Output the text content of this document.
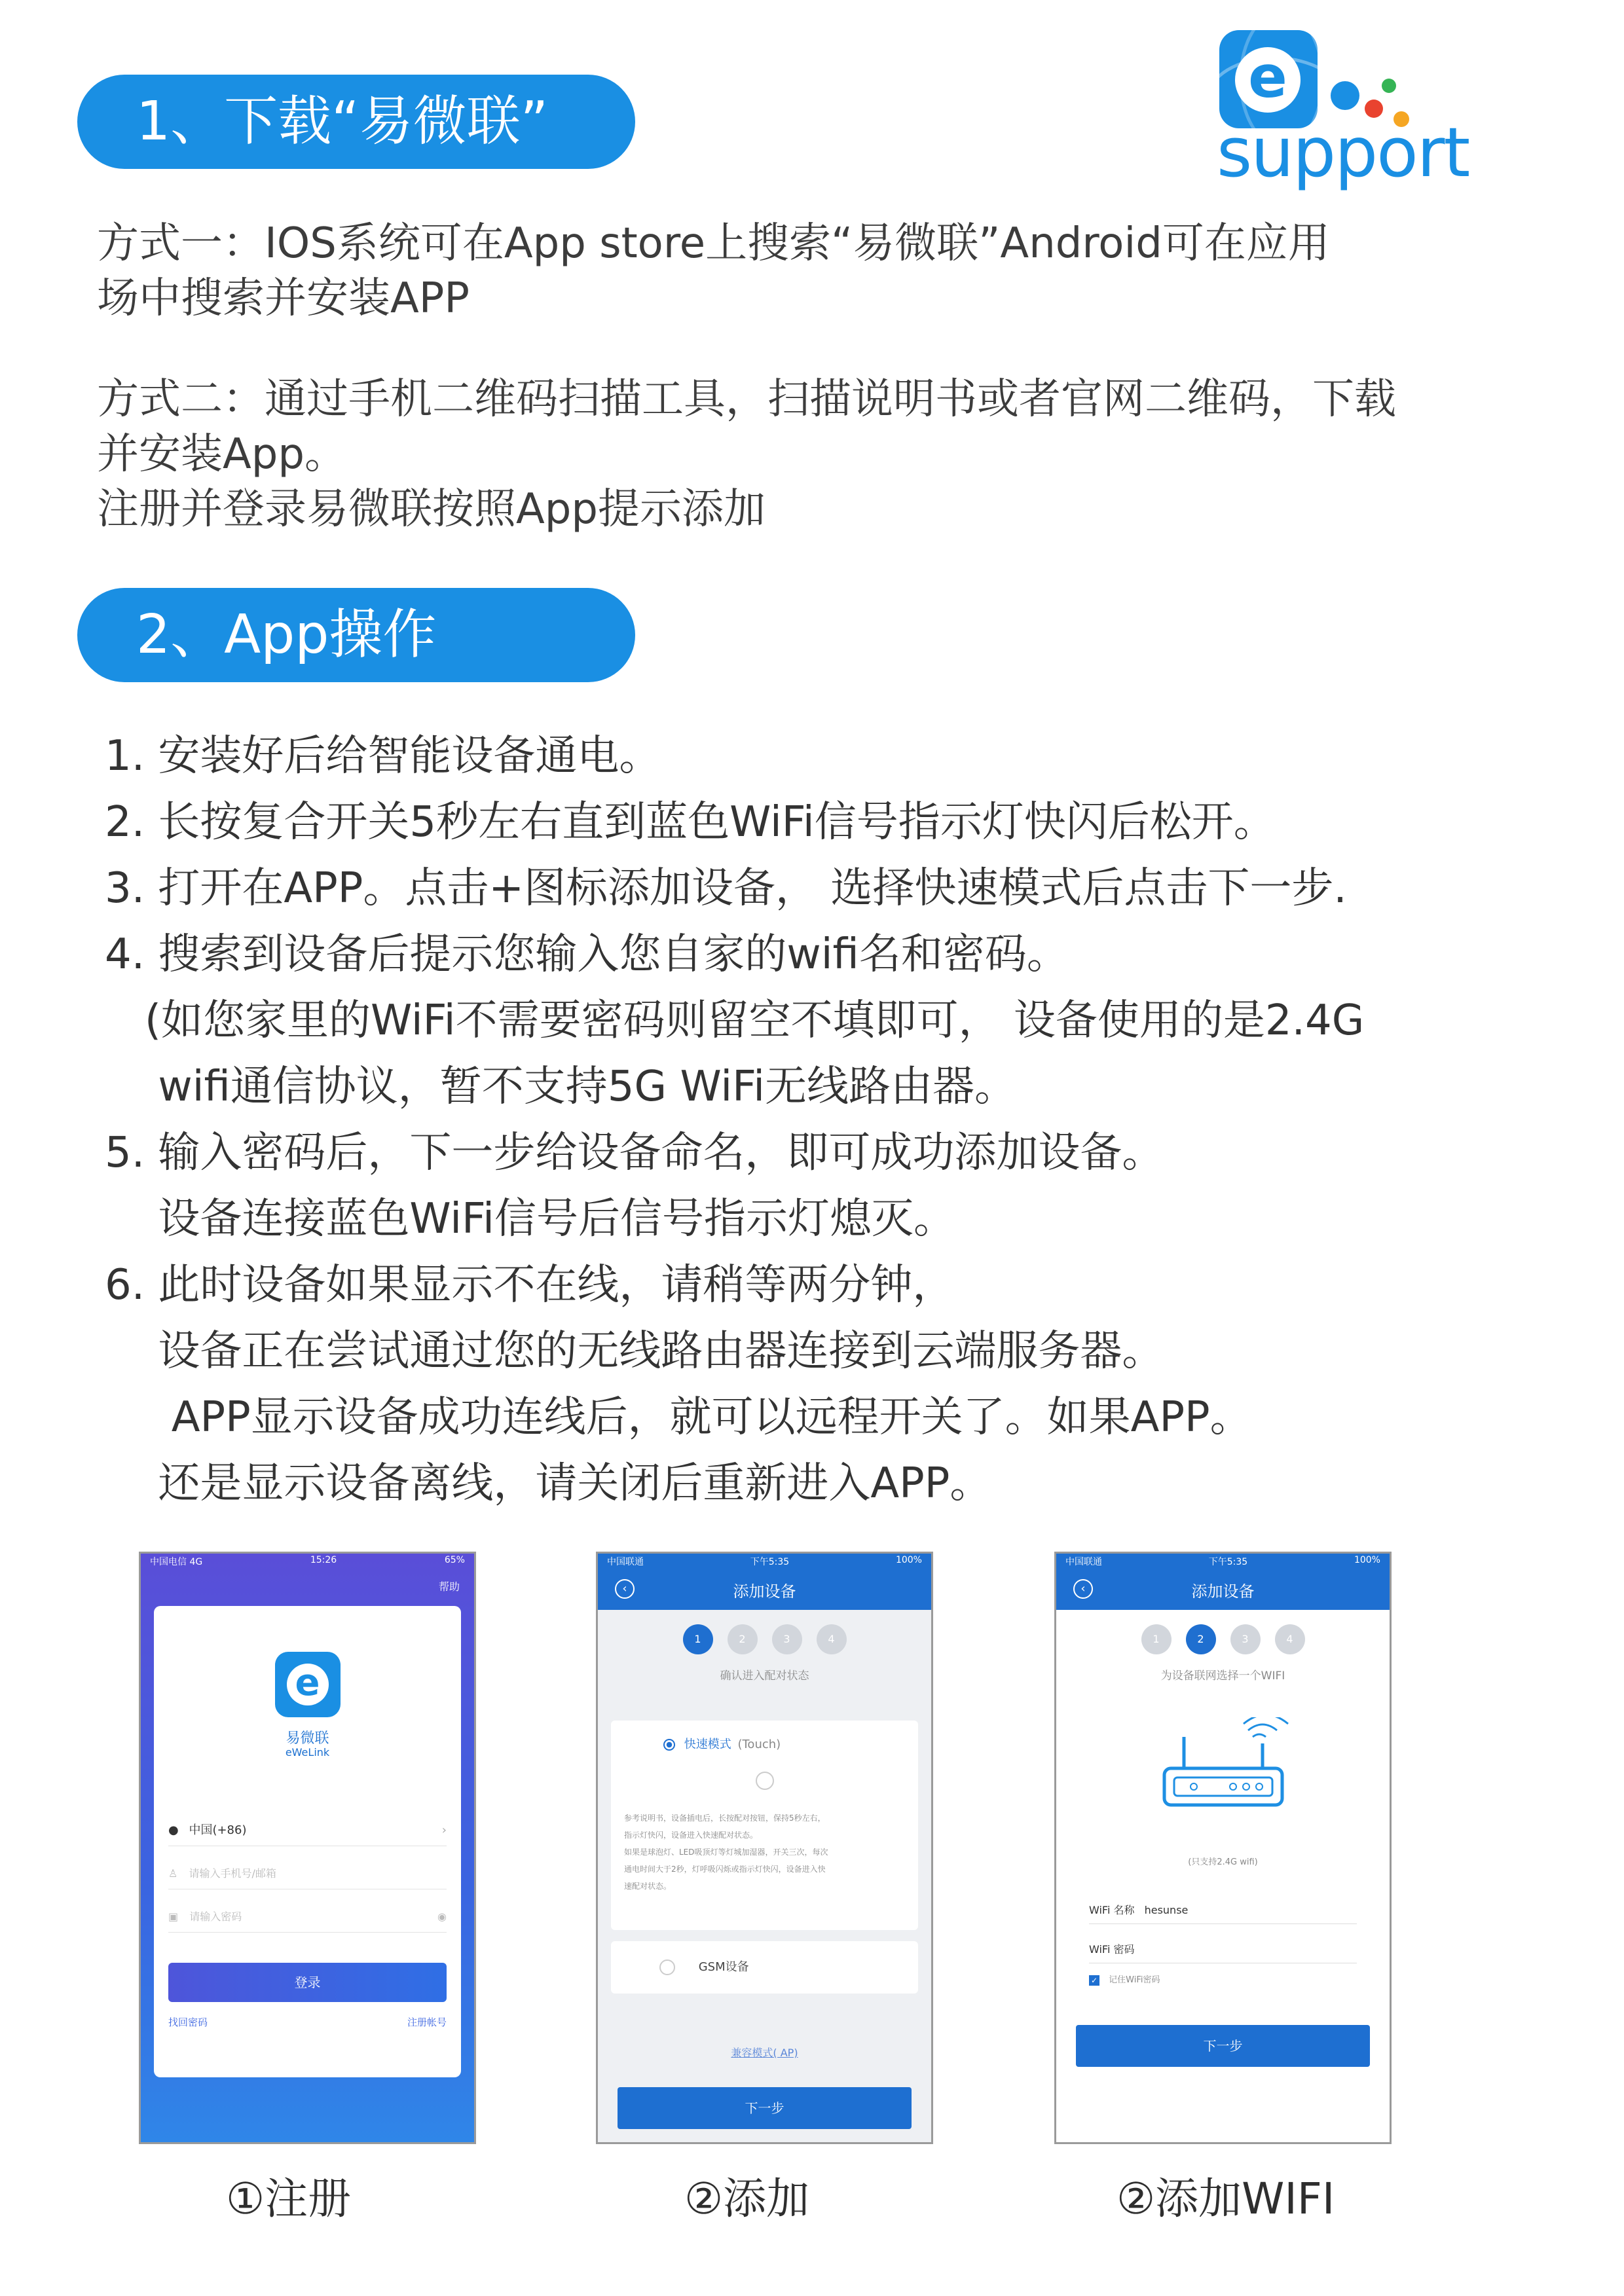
1、下载“易微联”
e
support
方式一：IOS系统可在App store上搜索“易微联”Android可在应用
场中搜索并安装APP
方式二：通过手机二维码扫描工具，扫描说明书或者官网二维码，下载
并安装App。
注册并登录易微联按照App提示添加
2、App操作
1. 安装好后给智能设备通电。
2. 长按复合开关5秒左右直到蓝色WiFi信号指示灯快闪后松开。
3. 打开在APP。点击+图标添加设备， 选择快速模式后点击下一步.
4. 搜索到设备后提示您输入您自家的wifi名和密码。
(如您家里的WiFi不需要密码则留空不填即可， 设备使用的是2.4G
wifi通信协议，暂不支持5G WiFi无线路由器。
5. 输入密码后，下一步给设备命名，即可成功添加设备。
设备连接蓝色WiFi信号后信号指示灯熄灭。
6. 此时设备如果显示不在线，请稍等两分钟，
设备正在尝试通过您的无线路由器连接到云端服务器。
APP显示设备成功连线后，就可以远程开关了。如果APP。
还是显示设备离线，请关闭后重新进入APP。
中国电信 4G	15:26	65%
帮助
e
易微联
eWeLink
● 中国(+86)	›
♙ 请输入手机号/邮箱
▣ 请输入密码	◉
登录
找回密码	注册帐号
中国联通	下午5:35	100%
‹	添加设备
1	2	3	4
确认进入配对状态
快速模式 (Touch)
参考说明书，设备插电后，长按配对按钮，保持5秒左右，
指示灯快闪，设备进入快速配对状态。
如果是球泡灯、LED吸顶灯等灯城加湿器，开关三次，每次
通电时间大于2秒，灯呼吸闪烁或指示灯快闪，设备进入快
速配对状态。
GSM设备
兼容模式( AP)
下一步
中国联通	下午5:35	100%
‹	添加设备
1	2	3	4
为设备联网选择一个WIFI
(只支持2.4G wifi)
WiFi 名称 hesunse
WiFi 密码
✓ 记住WiFi密码
下一步
①注册	②添加	②添加WIFI
